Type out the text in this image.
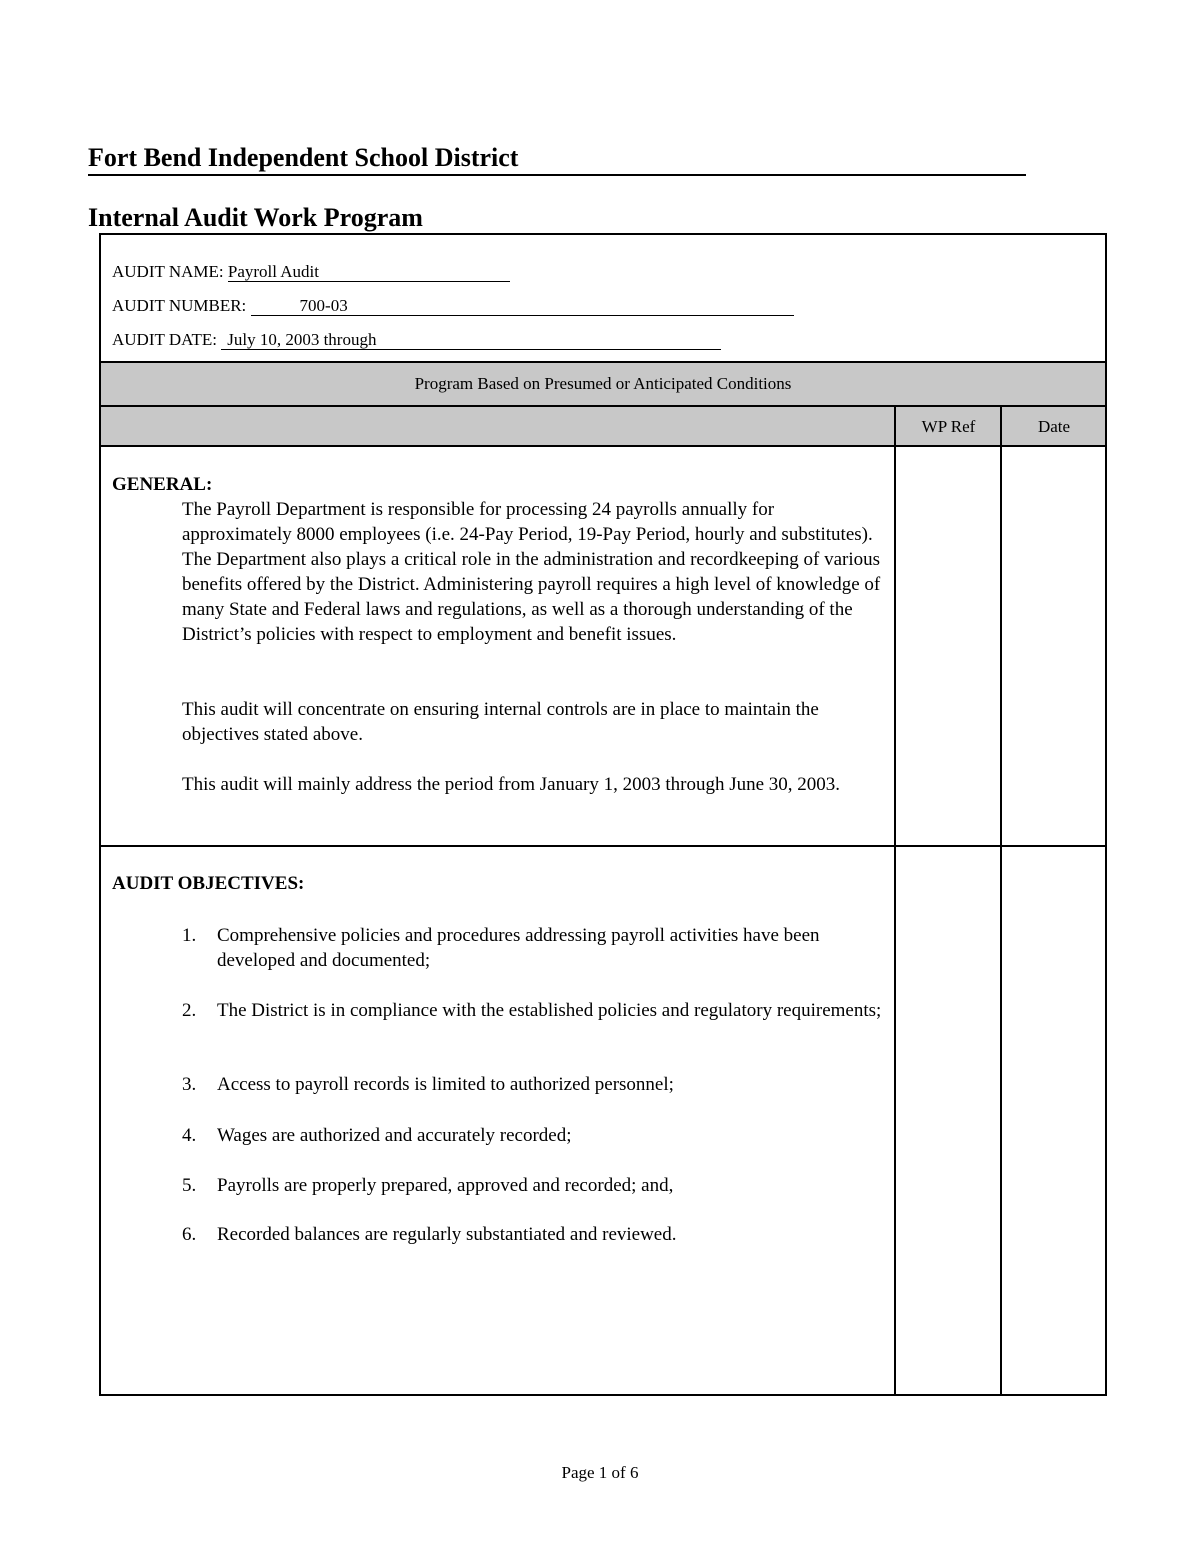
Fort Bend Independent School District
Internal Audit Work Program
AUDIT NAME: Payroll Audit
AUDIT NUMBER:	700-03
AUDIT DATE: July 10, 2003 through
Program Based on Presumed or Anticipated Conditions
WP Ref	Date
GENERAL:
The Payroll Department is responsible for processing 24 payrolls annually for approximately 8000 employees (i.e. 24-Pay Period, 19-Pay Period, hourly and substitutes). The Department also plays a critical role in the administration and recordkeeping of various benefits offered by the District. Administering payroll requires a high level of knowledge of many State and Federal laws and regulations, as well as a thorough understanding of the District’s policies with respect to employment and benefit issues.
This audit will concentrate on ensuring internal controls are in place to maintain the objectives stated above.
This audit will mainly address the period from January 1, 2003 through June 30, 2003.
AUDIT OBJECTIVES:
1. Comprehensive policies and procedures addressing payroll activities have been developed and documented;
2. The District is in compliance with the established policies and regulatory requirements;
3. Access to payroll records is limited to authorized personnel;
4. Wages are authorized and accurately recorded;
5. Payrolls are properly prepared, approved and recorded; and,
6. Recorded balances are regularly substantiated and reviewed.
Page 1 of 6
